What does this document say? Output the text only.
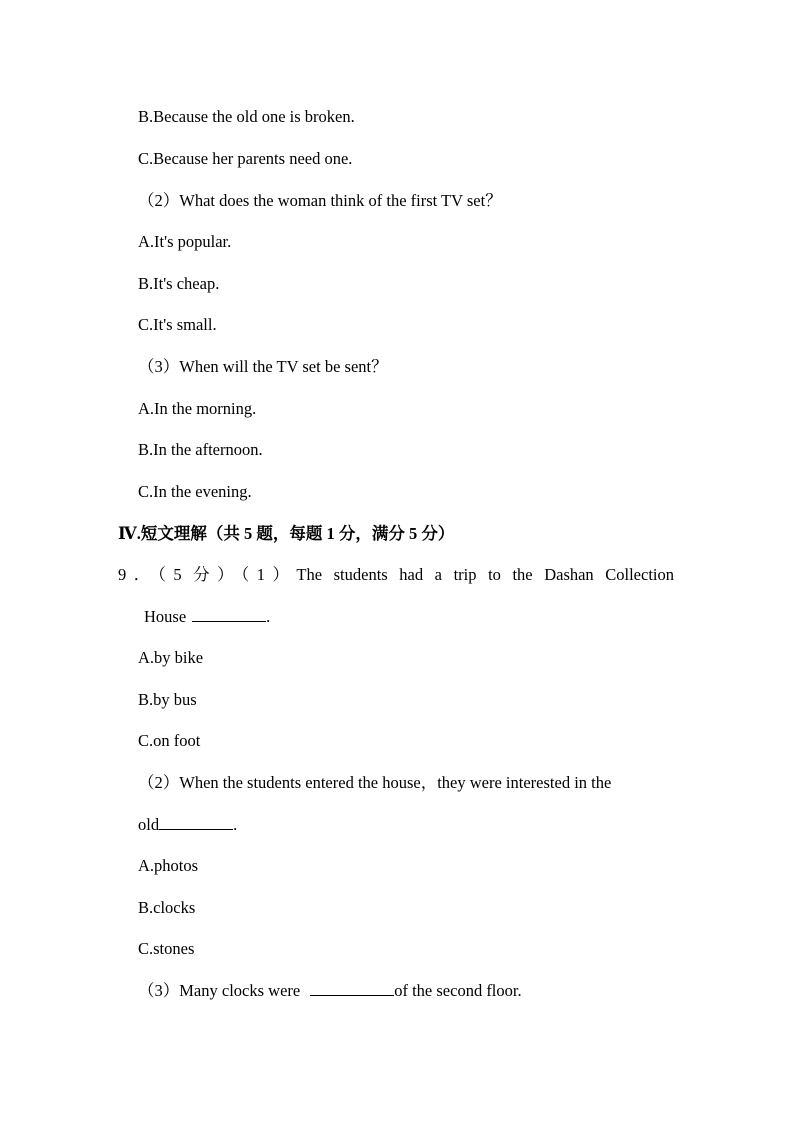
B.Because the old one is broken.
C.Because her parents need one.
（2）What does the woman think of the first TV set？
A.It's popular.
B.It's cheap.
C.It's small.
（3）When will the TV set be sent？
A.In the morning.
B.In the afternoon.
C.In the evening.
Ⅳ.短文理解（共 5 题，每题 1 分，满分 5 分）
9．（5 分）（1）The students had a trip to the Dashan Collection
House	.
A.by bike
B.by bus
C.on foot
（2）When the students entered the house，they were interested in the
old	.
A.photos
B.clocks
C.stones
（3）Many clocks were	of the second floor.
